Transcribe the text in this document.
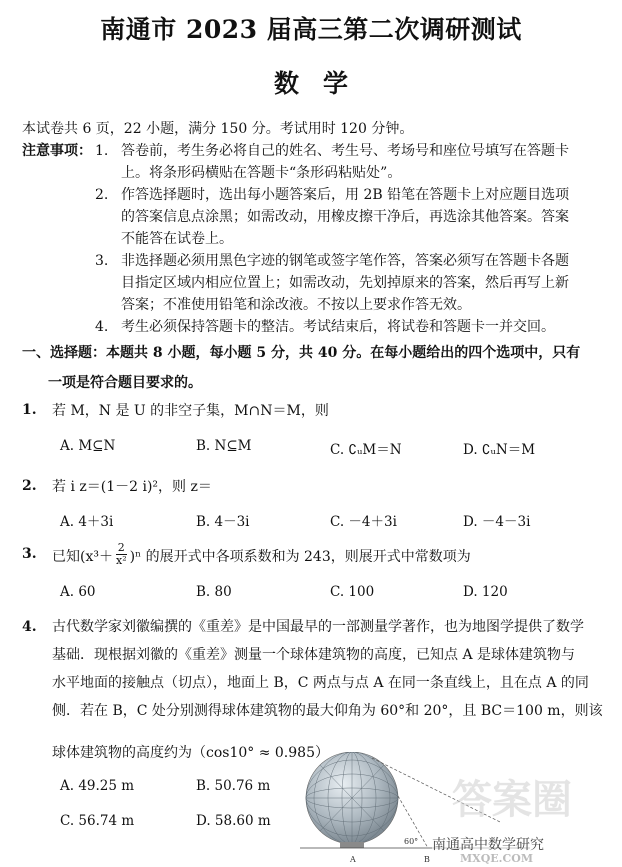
南通市 2023 届高三第二次调研测试
数学
本试卷共 6 页，22 小题，满分 150 分。考试用时 120 分钟。
注意事项： 1. 答卷前，考生务必将自己的姓名、考生号、考场号和座位号填写在答题卡
上。将条形码横贴在答题卡“条形码粘贴处”。
2. 作答选择题时，选出每小题答案后，用 2B 铅笔在答题卡上对应题目选项
的答案信息点涂黑；如需改动，用橡皮擦干净后，再选涂其他答案。答案
不能答在试卷上。
3. 非选择题必须用黑色字迹的钢笔或签字笔作答，答案必须写在答题卡各题
目指定区域内相应位置上；如需改动，先划掉原来的答案，然后再写上新
答案；不准使用铅笔和涂改液。不按以上要求作答无效。
4. 考生必须保持答题卡的整洁。考试结束后，将试卷和答题卡一并交回。
一、选择题：本题共 8 小题，每小题 5 分，共 40 分。在每小题给出的四个选项中，只有
一项是符合题目要求的。
1. 若 M，N 是 U 的非空子集，M∩N＝M，则
A. M⊆N	B. N⊆M	C. ∁ᵤM＝N	D. ∁ᵤN＝M
2. 若 i z＝(1－2 i)²，则 z＝
A. 4＋3i	B. 4－3i	C. －4＋3i	D. －4－3i
3. 已知$(x^3+ \frac{2}{\text{x²}} )^n$ 的展开式中各项系数和为 243，则展开式中常数项为
A. 60	B. 80	C. 100	D. 120
4. 古代数学家刘徽编撰的《重差》是中国最早的一部测量学著作，也为地图学提供了数学
基础．现根据刘徽的《重差》测量一个球体建筑物的高度，已知点 A 是球体建筑物与
水平地面的接触点（切点），地面上 B，C 两点与点 A 在同一条直线上，且在点 A 的同
侧．若在 B，C 处分别测得球体建筑物的最大仰角为 60°和 20°，且 BC＝100 m，则该
球体建筑物的高度约为（cos10° ≈ 0.985）
A. 49.25 m	B. 50.76 m
C. 56.74 m	D. 58.60 m
A	B
60°
答案圈
南通高中数学研究
MXQE.COM
